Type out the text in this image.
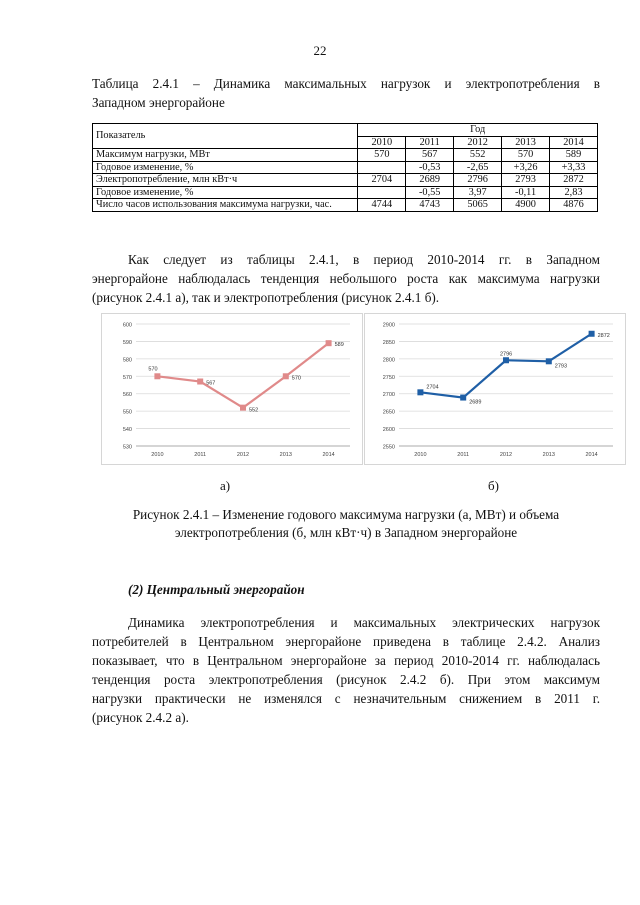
22
Таблица 2.4.1 – Динамика максимальных нагрузок и электропотребления в
Западном энергорайоне
Показатель	Год				
	2010	2011	2012	2013	2014
Максимум нагрузки, МВт	570	567	552	570	589
Годовое изменение, %		-0,53	-2,65	+3,26	+3,33
Электропотребление, млн кВт·ч	2704	2689	2796	2793	2872
Годовое изменение, %		-0,55	3,97	-0,11	2,83
Число часов использования максимума нагрузки, час.	4744	4743	5065	4900	4876
Как следует из таблицы 2.4.1, в период 2010-2014 гг. в Западном
энергорайоне наблюдалась тенденция небольшого роста как максимума нагрузки
(рисунок 2.4.1 а), так и электропотребления (рисунок 2.4.1 б).
530
540
550
560
570
580
590
600
2010	2011	2012	2013	2014
570
567
552
570
589
2550
2600
2650
2700
2750
2800
2850
2900
2010	2011	2012	2013	2014
2704
2689
2796
2793
2872
а)	б)
Рисунок 2.4.1 – Изменение годового максимума нагрузки (а, МВт) и объема
электропотребления (б, млн кВт·ч) в Западном энергорайоне
(2) Центральный энергорайон
Динамика электропотребления и максимальных электрических нагрузок
потребителей в Центральном энергорайоне приведена в таблице 2.4.2. Анализ
показывает, что в Центральном энергорайоне за период 2010-2014 гг. наблюдалась
тенденция роста электропотребления (рисунок 2.4.2 б). При этом максимум
нагрузки практически не изменялся с незначительным снижением в 2011 г.
(рисунок 2.4.2 а).
